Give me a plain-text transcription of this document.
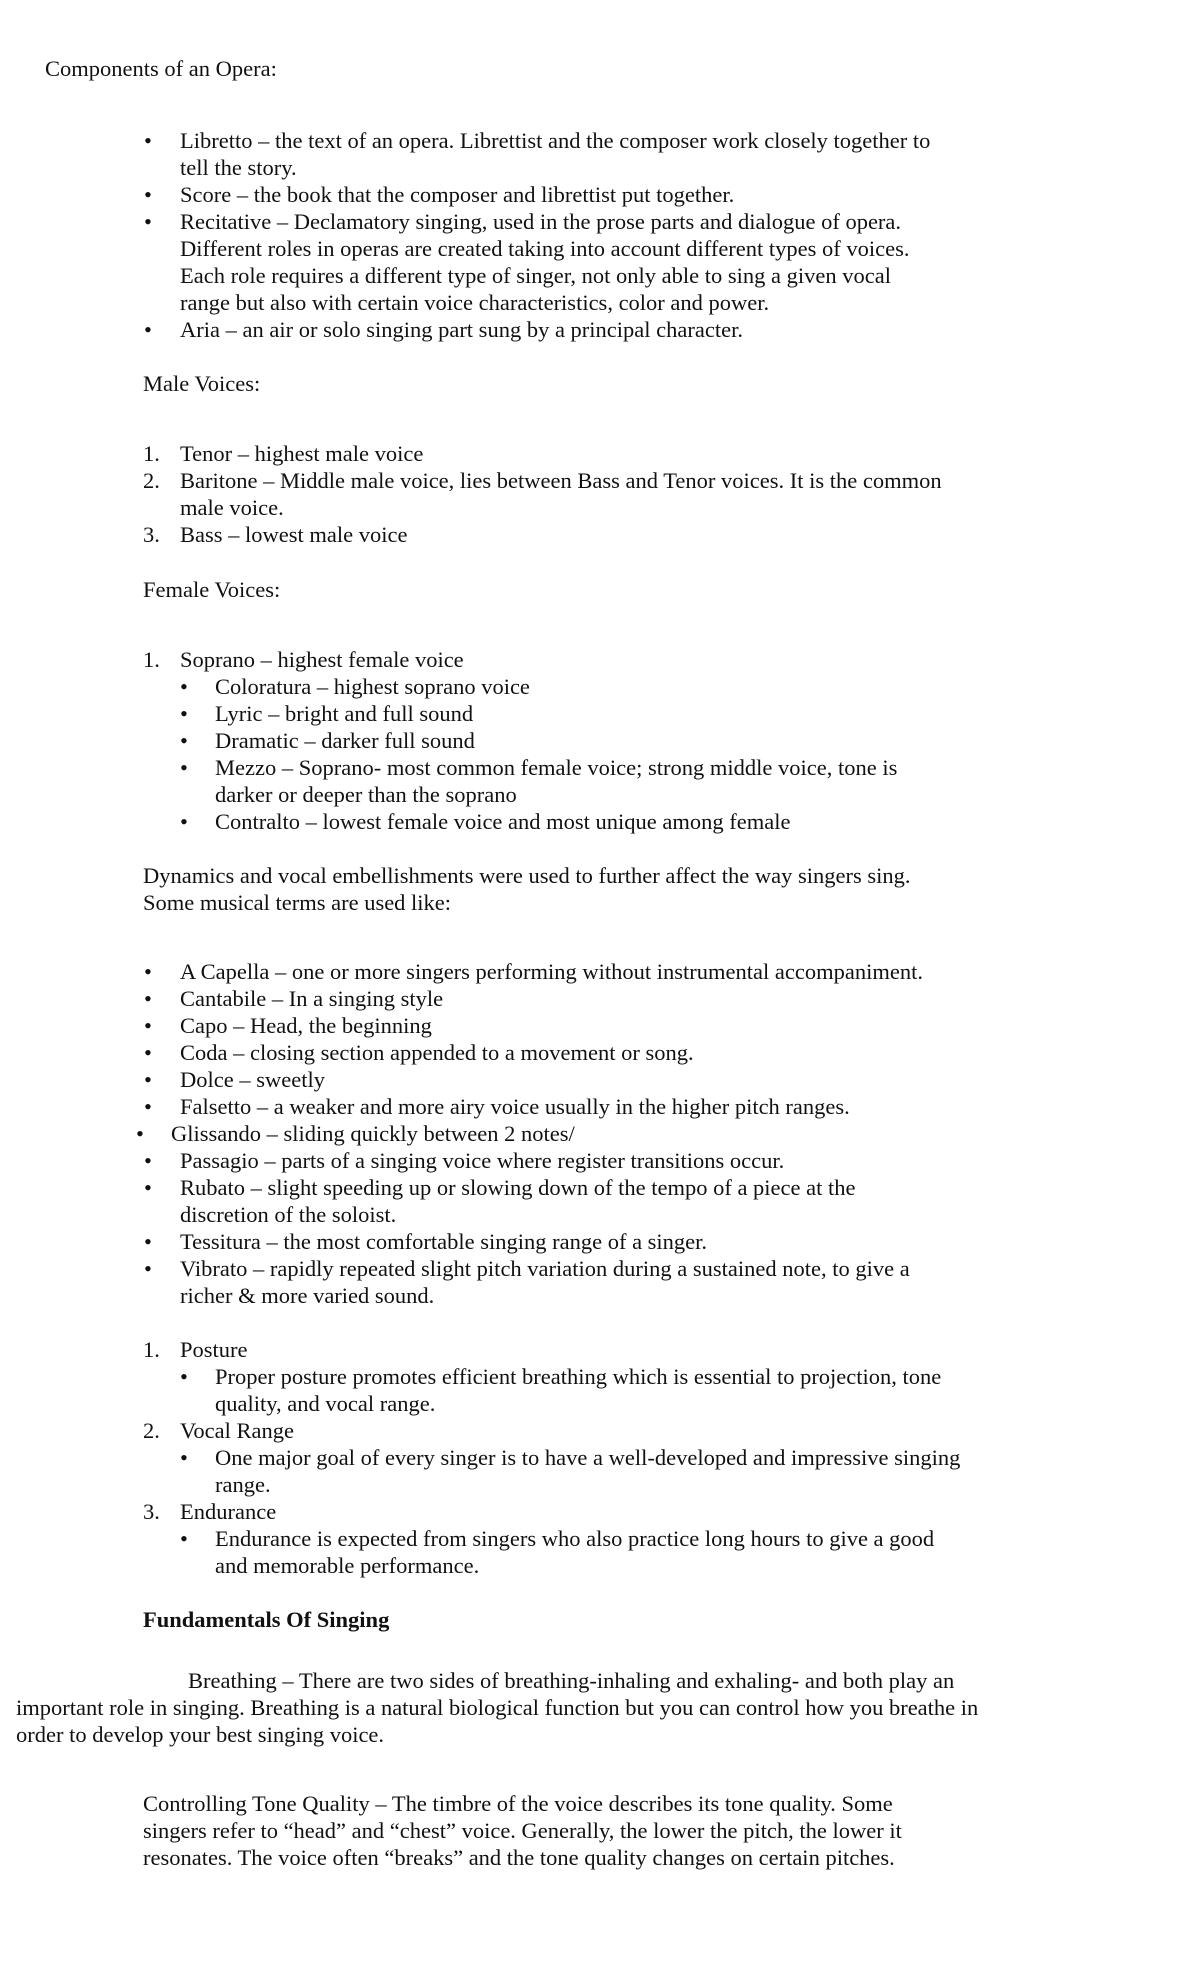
Components of an Opera:

• Libretto – the text of an opera. Librettist and the composer work closely together to

tell the story.

• Score – the book that the composer and librettist put together.

• Recitative – Declamatory singing, used in the prose parts and dialogue of opera.

Different roles in operas are created taking into account different types of voices.

Each role requires a different type of singer, not only able to sing a given vocal

range but also with certain voice characteristics, color and power.

• Aria – an air or solo singing part sung by a principal character.

Male Voices:

1. Tenor – highest male voice

2. Baritone – Middle male voice, lies between Bass and Tenor voices. It is the common

male voice.

3. Bass – lowest male voice

Female Voices:

1. Soprano – highest female voice

• Coloratura – highest soprano voice

• Lyric – bright and full sound

• Dramatic – darker full sound

• Mezzo – Soprano- most common female voice; strong middle voice, tone is

darker or deeper than the soprano

• Contralto – lowest female voice and most unique among female

Dynamics and vocal embellishments were used to further affect the way singers sing.

Some musical terms are used like:

• A Capella – one or more singers performing without instrumental accompaniment.

• Cantabile – In a singing style

• Capo – Head, the beginning

• Coda – closing section appended to a movement or song.

• Dolce – sweetly

• Falsetto – a weaker and more airy voice usually in the higher pitch ranges.

• Glissando – sliding quickly between 2 notes/

• Passagio – parts of a singing voice where register transitions occur.

• Rubato – slight speeding up or slowing down of the tempo of a piece at the

discretion of the soloist.

• Tessitura – the most comfortable singing range of a singer.

• Vibrato – rapidly repeated slight pitch variation during a sustained note, to give a

richer & more varied sound.

1. Posture

• Proper posture promotes efficient breathing which is essential to projection, tone

quality, and vocal range.

2. Vocal Range

• One major goal of every singer is to have a well-developed and impressive singing

range.

3. Endurance

• Endurance is expected from singers who also practice long hours to give a good

and memorable performance.

Fundamentals Of Singing

Breathing – There are two sides of breathing-inhaling and exhaling- and both play an

important role in singing. Breathing is a natural biological function but you can control how you breathe in

order to develop your best singing voice.

Controlling Tone Quality – The timbre of the voice describes its tone quality. Some

singers refer to “head” and “chest” voice. Generally, the lower the pitch, the lower it

resonates. The voice often “breaks” and the tone quality changes on certain pitches.
